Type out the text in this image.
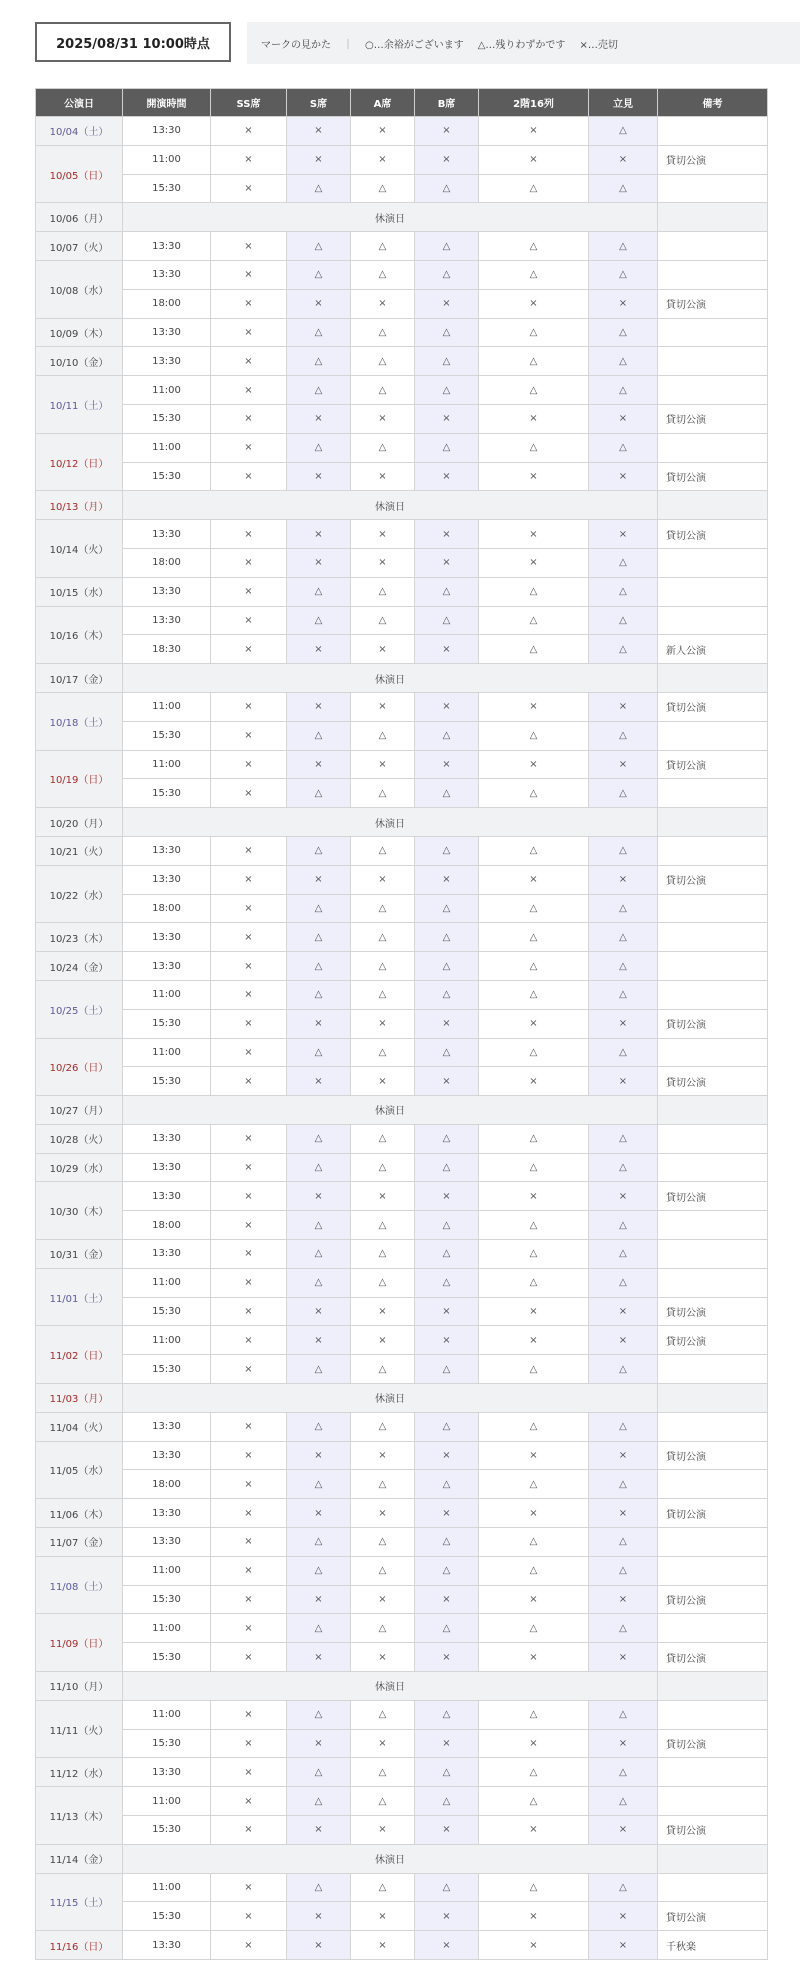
2025/08/31 10:00時点	マークの見かた ｜ ○…余裕がございます △…残りわずかです ×…売切
公演日	開演時間	SS席	S席	A席	B席	2階16列	立見	備考
10/04（土）	13:30	×	×	×	×	×	△	
10/05（日）	11:00	×	×	×	×	×	×	貸切公演
	15:30	×	△	△	△	△	△	
10/06（月）	休演日							
10/07（火）	13:30	×	△	△	△	△	△	
10/08（水）	13:30	×	△	△	△	△	△	
	18:00	×	×	×	×	×	×	貸切公演
10/09（木）	13:30	×	△	△	△	△	△	
10/10（金）	13:30	×	△	△	△	△	△	
10/11（土）	11:00	×	△	△	△	△	△	
	15:30	×	×	×	×	×	×	貸切公演
10/12（日）	11:00	×	△	△	△	△	△	
	15:30	×	×	×	×	×	×	貸切公演
10/13（月）	休演日							
10/14（火）	13:30	×	×	×	×	×	×	貸切公演
	18:00	×	×	×	×	×	△	
10/15（水）	13:30	×	△	△	△	△	△	
10/16（木）	13:30	×	△	△	△	△	△	
	18:30	×	×	×	×	△	△	新人公演
10/17（金）	休演日							
10/18（土）	11:00	×	×	×	×	×	×	貸切公演
	15:30	×	△	△	△	△	△	
10/19（日）	11:00	×	×	×	×	×	×	貸切公演
	15:30	×	△	△	△	△	△	
10/20（月）	休演日							
10/21（火）	13:30	×	△	△	△	△	△	
10/22（水）	13:30	×	×	×	×	×	×	貸切公演
	18:00	×	△	△	△	△	△	
10/23（木）	13:30	×	△	△	△	△	△	
10/24（金）	13:30	×	△	△	△	△	△	
10/25（土）	11:00	×	△	△	△	△	△	
	15:30	×	×	×	×	×	×	貸切公演
10/26（日）	11:00	×	△	△	△	△	△	
	15:30	×	×	×	×	×	×	貸切公演
10/27（月）	休演日							
10/28（火）	13:30	×	△	△	△	△	△	
10/29（水）	13:30	×	△	△	△	△	△	
10/30（木）	13:30	×	×	×	×	×	×	貸切公演
	18:00	×	△	△	△	△	△	
10/31（金）	13:30	×	△	△	△	△	△	
11/01（土）	11:00	×	△	△	△	△	△	
	15:30	×	×	×	×	×	×	貸切公演
11/02（日）	11:00	×	×	×	×	×	×	貸切公演
	15:30	×	△	△	△	△	△	
11/03（月）	休演日							
11/04（火）	13:30	×	△	△	△	△	△	
11/05（水）	13:30	×	×	×	×	×	×	貸切公演
	18:00	×	△	△	△	△	△	
11/06（木）	13:30	×	×	×	×	×	×	貸切公演
11/07（金）	13:30	×	△	△	△	△	△	
11/08（土）	11:00	×	△	△	△	△	△	
	15:30	×	×	×	×	×	×	貸切公演
11/09（日）	11:00	×	△	△	△	△	△	
	15:30	×	×	×	×	×	×	貸切公演
11/10（月）	休演日							
11/11（火）	11:00	×	△	△	△	△	△	
	15:30	×	×	×	×	×	×	貸切公演
11/12（水）	13:30	×	△	△	△	△	△	
11/13（木）	11:00	×	△	△	△	△	△	
	15:30	×	×	×	×	×	×	貸切公演
11/14（金）	休演日							
11/15（土）	11:00	×	△	△	△	△	△	
	15:30	×	×	×	×	×	×	貸切公演
11/16（日）	13:30	×	×	×	×	×	×	千秋楽
